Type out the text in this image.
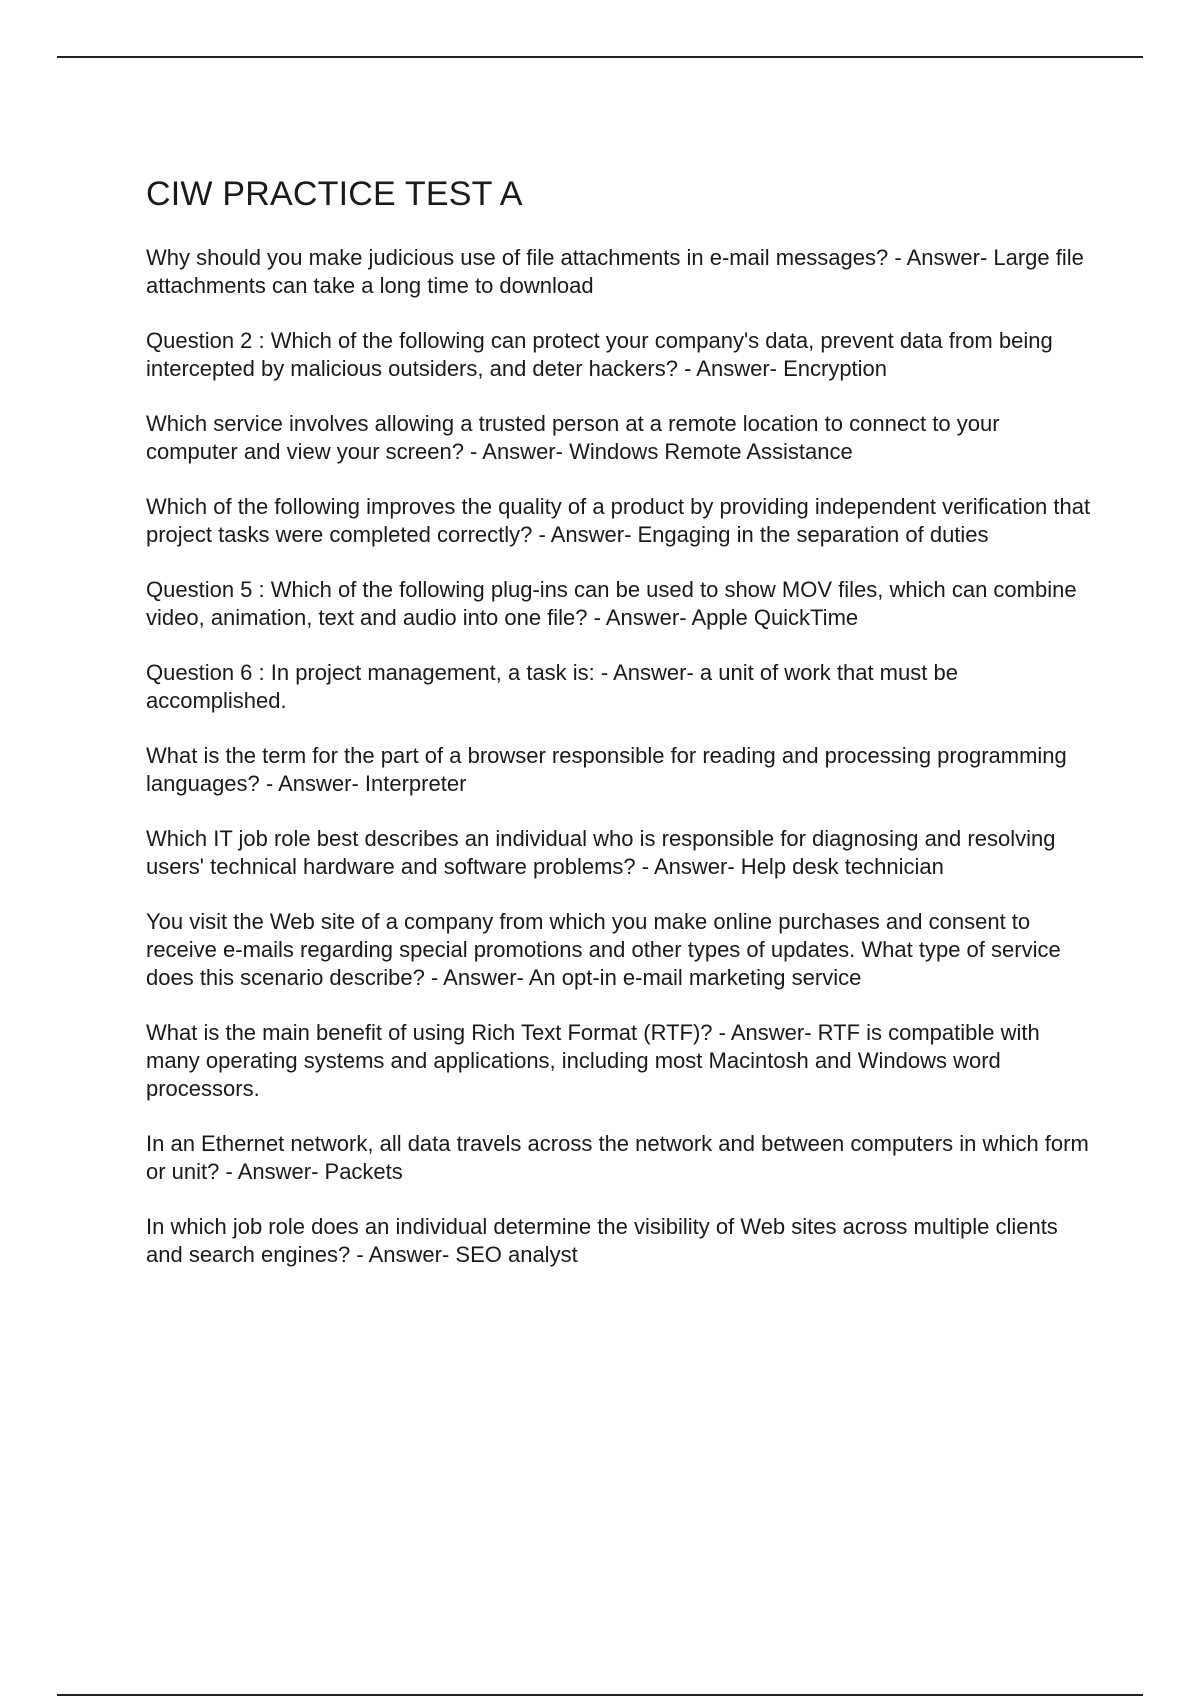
CIW PRACTICE TEST A
Why should you make judicious use of file attachments in e-mail messages? - Answer- Large file attachments can take a long time to download
Question 2 : Which of the following can protect your company's data, prevent data from being intercepted by malicious outsiders, and deter hackers? - Answer- Encryption
Which service involves allowing a trusted person at a remote location to connect to your computer and view your screen? - Answer- Windows Remote Assistance
Which of the following improves the quality of a product by providing independent verification that project tasks were completed correctly? - Answer- Engaging in the separation of duties
Question 5 : Which of the following plug-ins can be used to show MOV files, which can combine video, animation, text and audio into one file? - Answer- Apple QuickTime
Question 6 : In project management, a task is: - Answer- a unit of work that must be accomplished.
What is the term for the part of a browser responsible for reading and processing programming languages? - Answer- Interpreter
Which IT job role best describes an individual who is responsible for diagnosing and resolving users' technical hardware and software problems? - Answer- Help desk technician
You visit the Web site of a company from which you make online purchases and consent to receive e-mails regarding special promotions and other types of updates. What type of service does this scenario describe? - Answer- An opt-in e-mail marketing service
What is the main benefit of using Rich Text Format (RTF)? - Answer- RTF is compatible with many operating systems and applications, including most Macintosh and Windows word processors.
In an Ethernet network, all data travels across the network and between computers in which form or unit? - Answer- Packets
In which job role does an individual determine the visibility of Web sites across multiple clients and search engines? - Answer- SEO analyst
